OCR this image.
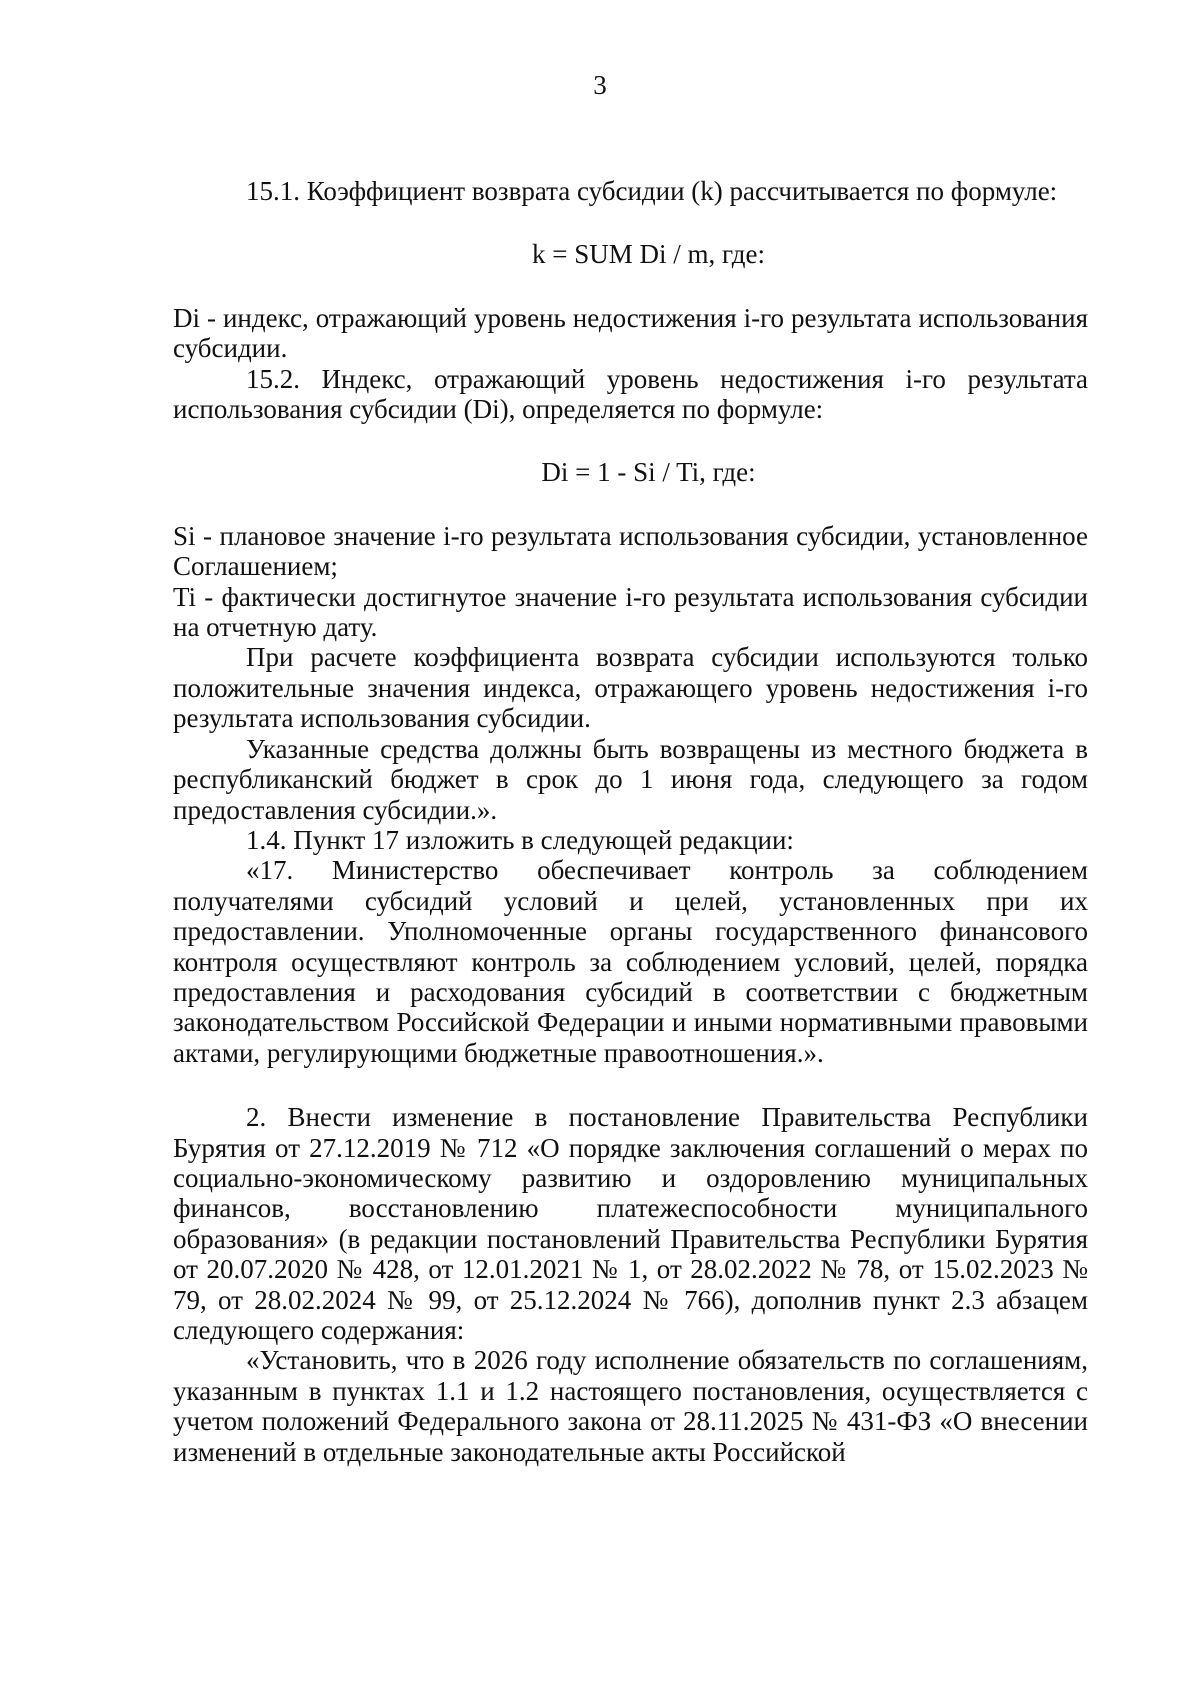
3

15.1. Коэффициент возврата субсидии (k) рассчитывается по формуле:

k = SUM Di / m, где:

Di - индекс, отражающий уровень недостижения i-го результата использования субсидии.

15.2. Индекс, отражающий уровень недостижения i-го результата использования субсидии (Di), определяется по формуле:

Di = 1 - Si / Ti, где:

Si - плановое значение i-го результата использования субсидии, установленное Соглашением;

Ti - фактически достигнутое значение i-го результата использования субсидии на отчетную дату.

При расчете коэффициента возврата субсидии используются только положительные значения индекса, отражающего уровень недостижения i-го результата использования субсидии.

Указанные средства должны быть возвращены из местного бюджета в республиканский бюджет в срок до 1 июня года, следующего за годом предоставления субсидии.».

1.4. Пункт 17 изложить в следующей редакции:

«17. Министерство обеспечивает контроль за соблюдением получателями субсидий условий и целей, установленных при их предоставлении. Уполномоченные органы государственного финансового контроля осуществляют контроль за соблюдением условий, целей, порядка предоставления и расходования субсидий в соответствии с бюджетным законодательством Российской Федерации и иными нормативными правовыми актами, регулирующими бюджетные правоотношения.».

2. Внести изменение в постановление Правительства Республики Бурятия от 27.12.2019 № 712 «О порядке заключения соглашений о мерах по социально-экономическому развитию и оздоровлению муниципальных финансов, восстановлению платежеспособности муниципального образования» (в редакции постановлений Правительства Республики Бурятия от 20.07.2020 № 428, от 12.01.2021 № 1, от 28.02.2022 № 78, от 15.02.2023 № 79, от 28.02.2024 № 99, от 25.12.2024 № 766), дополнив пункт 2.3 абзацем следующего содержания:

«Установить, что в 2026 году исполнение обязательств по соглашениям, указанным в пунктах 1.1 и 1.2 настоящего постановления, осуществляется с учетом положений Федерального закона от 28.11.2025 № 431-ФЗ «О внесении изменений в отдельные законодательные акты Российской
